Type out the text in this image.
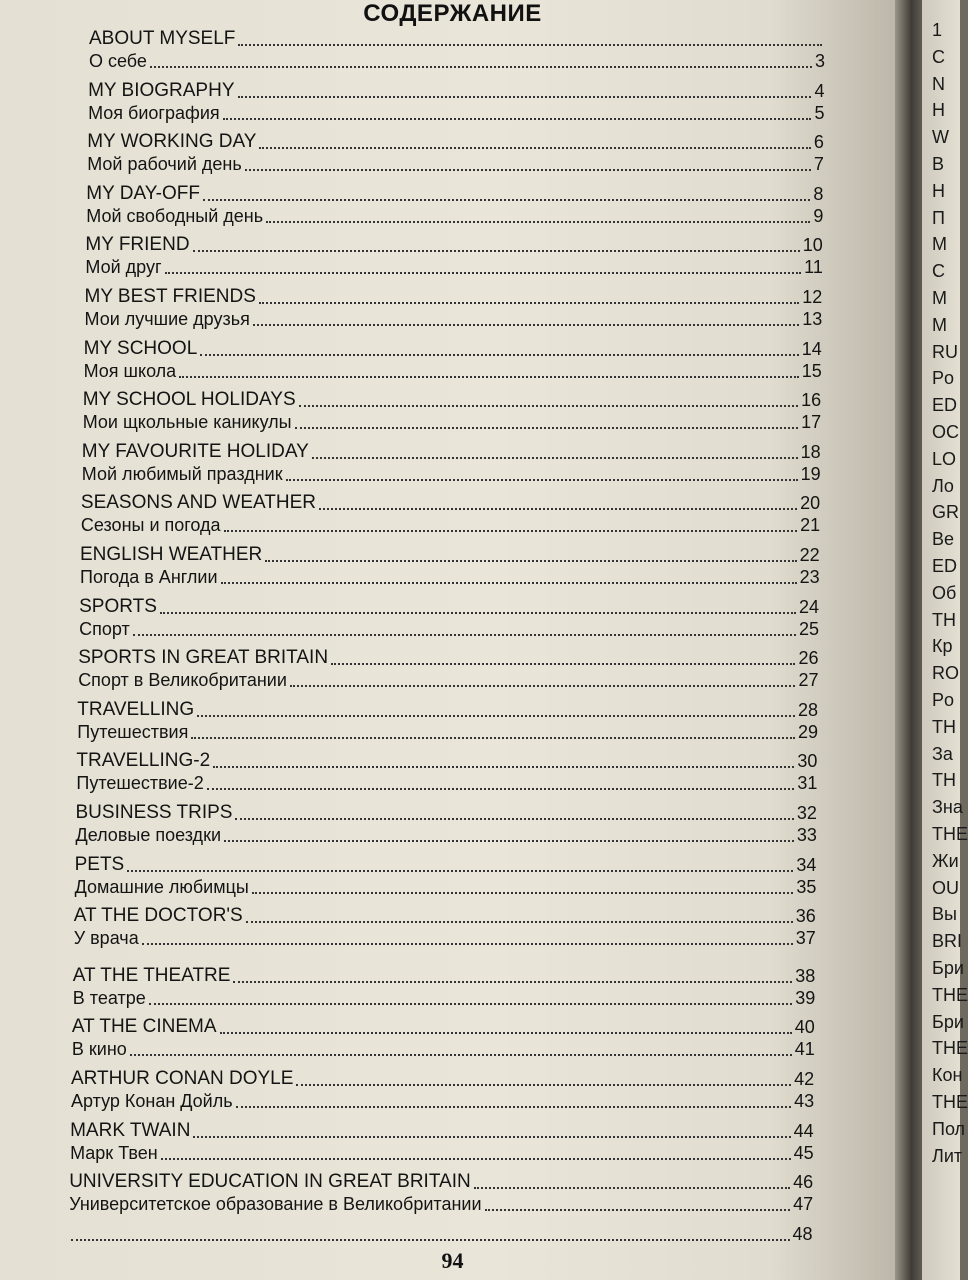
СОДЕРЖАНИЕ
ABOUT MYSELF
О себе	3
MY BIOGRAPHY	4
Моя биография	5
MY WORKING DAY	6
Мой рабочий день	7
MY DAY-OFF	8
Мой свободный день	9
MY FRIEND	10
Мой друг	11
MY BEST FRIENDS	12
Мои лучшие друзья	13
MY SCHOOL	14
Моя школа	15
MY SCHOOL HOLIDAYS	16
Мои щкольные каникулы	17
MY FAVOURITE HOLIDAY	18
Мой любимый праздник	19
SEASONS AND WEATHER	20
Сезоны и погода	21
ENGLISH WEATHER	22
Погода в Англии	23
SPORTS	24
Спорт	25
SPORTS IN GREAT BRITAIN	26
Спорт в Великобритании	27
TRAVELLING	28
Путешествия	29
TRAVELLING-2	30
Путешествие-2	31
BUSINESS TRIPS	32
Деловые поездки	33
PETS	34
Домашние любимцы	35
AT THE DOCTOR'S	36
У врача	37
AT THE THEATRE	38
В театре	39
AT THE CINEMA	40
В кино	41
ARTHUR CONAN DOYLE	42
Артур Конан Дойль	43
MARK TWAIN	44
Марк Твен	45
UNIVERSITY EDUCATION IN GREAT BRITAIN	46
Университетское образование в Великобритании	47
48
94
1
C
N
H
W
B
H
П
M
C
M
M
RU
Po
ED
OC
LO
Ло
GR
Be
ED
Об
TH
Кр
RO
Po
TH
За
TH
Зна
THE
Жи
OU
Вы
BRI
Бри
THE
Бри
THE
Кон
THE
Пол
Лит
